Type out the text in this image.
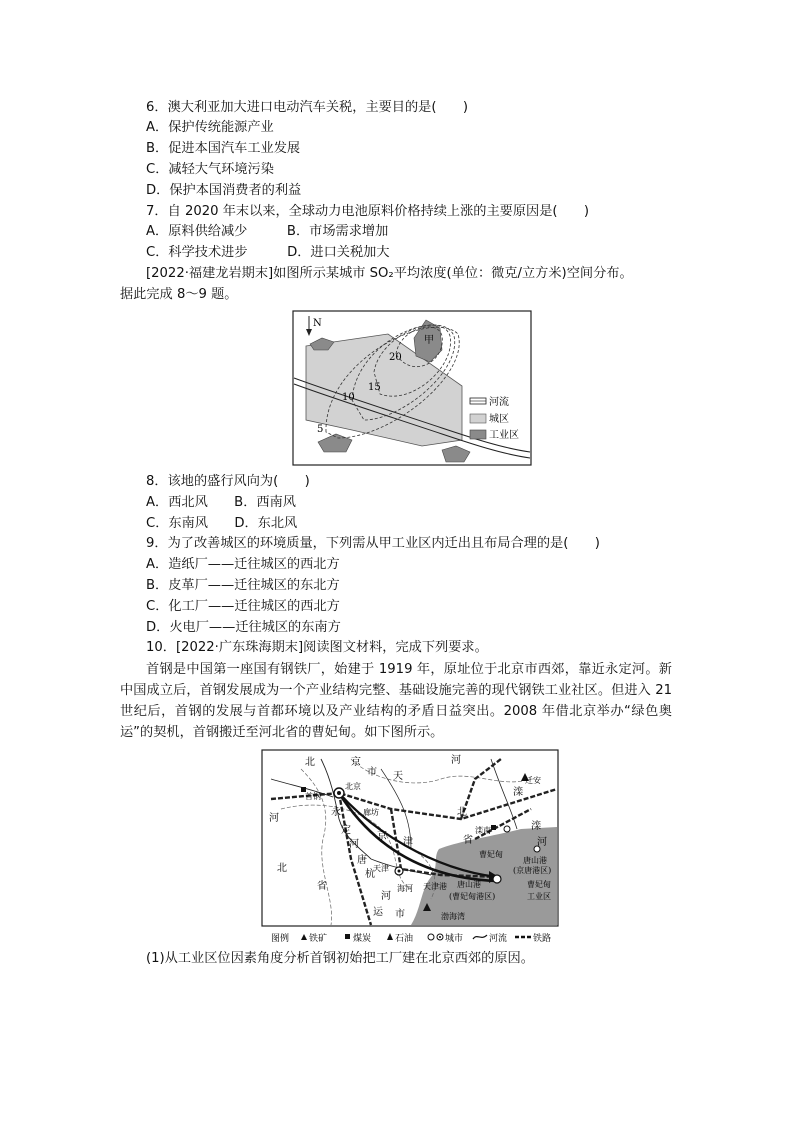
6．澳大利亚加大进口电动汽车关税，主要目的是(　　)
A．保护传统能源产业
B．促进本国汽车工业发展
C．减轻大气环境污染
D．保护本国消费者的利益
7．自 2020 年末以来，全球动力电池原料价格持续上涨的主要原因是(　　)
A．原料供给减少　　　B．市场需求增加
C．科学技术进步　　　D．进口关税加大
[2022·福建龙岩期末]如图所示某城市 SO₂平均浓度(单位：微克/立方米)空间分布。
据此完成 8～9 题。
N
甲
20
15
10
5
河流
城区
工业区
8．该地的盛行风向为(　　)
A．西北风　　B．西南风
C．东南风　　D．东北风
9．为了改善城区的环境质量，下列需从甲工业区内迁出且布局合理的是(　　)
A．造纸厂——迁往城区的西北方
B．皮革厂——迁往城区的东北方
C．化工厂——迁往城区的西北方
D．火电厂——迁往城区的东南方
10．[2022·广东珠海期末]阅读图文材料，完成下列要求。
首钢是中国第一座国有钢铁厂，始建于 1919 年，原址位于北京市西郊，靠近永定河。新中国成立后，首钢发展成为一个产业结构完整、基础设施完善的现代钢铁工业社区。但进入 21 世纪后，首钢的发展与首都环境以及产业结构的矛盾日益突出。2008 年借北京举办“绿色奥运”的契机，首钢搬迁至河北省的曹妃甸。如下图所示。
北	京
市
河
天
河
北
省
首钢
北京
永
定
河
廊坊
京
津
唐
杭
运 市
河
天津
海河 天津港
北
省
滦
滦南
曹妃甸
迁安
滦
河
唐山港
(京唐港区)
唐山港
(曹妃甸港区)
曹妃甸
工业区
渤海湾
图例 铁矿	煤炭	石油	城市	河流	铁路
(1)从工业区位因素角度分析首钢初始把工厂建在北京西郊的原因。
